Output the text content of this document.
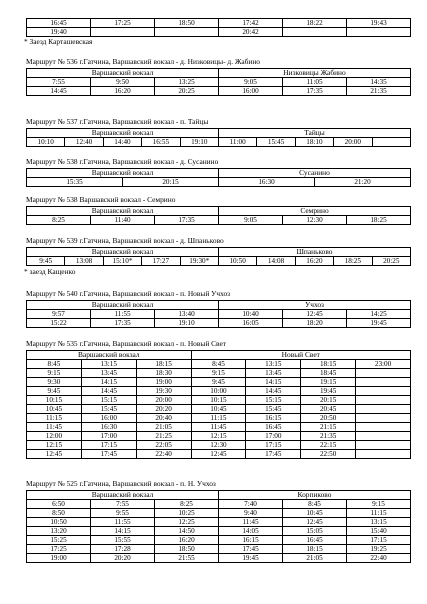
16:45	17:25	18:50	17:42	18:22	19:43
19:40			20:42		
* Заезд Карташевская
Маршрут № 536 г.Гатчина, Варшавский вокзал - д. Низковицы- д. Жабино
Варшавский вокзал			Низковицы Жабино		
7:55	9:50	13:25	9:05	11:05	14:35
14:45	16:20	20:25	16:00	17:35	21:35
Маршрут № 537 г.Гатчина, Варшавский вокзал - п. Тайцы
Варшавский вокзал					Тайцы				
10:10	12:40	14:40	16:55	19:10	11:00	15:45	18:10	20:00	
Маршрут № 538 г.Гатчина, Варшавский вокзал - д. Сусанино
Варшавский вокзал		Сусанино	
15:35	20:15	16:30	21:20
Маршрут № 538 Варшавский вокзал - Семрино
Варшавский вокзал			Семрино		
8:25	11:40	17:35	9:05	12:30	18:25
Маршрут № 539 г.Гатчина, Варшавский вокзал - д. Шпаньково
Варшавский вокзал					Шпаньково				
9:45	13:08	15:10*	17:27	19:30*	10:50	14:08	16:20	18:25	20:25
* заезд Кащенко
Маршрут № 540 г.Гатчина, Варшавский вокзал - п. Новый Учхоз
Варшавский вокзал			Учхоз		
9:57	11:55	13:40	10:40	12:45	14:25
15:22	17:35	19:10	16:05	18:20	19:45
Маршрут № 535 г.Гатчина, Варшавский вокзал - п. Новый Свет
Варшавский вокзал			Новый Свет			
8:45	13:15	18:15	8:45	13:15	18:15	23:00
9:15	13:45	18:30	9:15	13:45	18:45	
9:30	14:15	19:00	9:45	14:15	19:15	
9:45	14:45	19:30	10:00	14:45	19:45	
10:15	15:15	20:00	10:15	15:15	20:15	
10:45	15:45	20:20	10:45	15:45	20:45	
11:15	16:00	20:40	11:15	16:15	20:50	
11:45	16:30	21:05	11:45	16:45	21:15	
12:00	17:00	21:25	12:15	17:00	21:35	
12:15	17:15	22:05	12:30	17:15	22:15	
12:45	17:45	22:40	12:45	17:45	22:50	
Маршрут № 525 г.Гатчина, Варшавский вокзал - п. Н. Учхоз
Варшавский вокзал			Корпиково		
6:50	7:55	8:25	7:40	8:45	9:15
8:50	9:55	10:25	9:40	10:45	11:15
10:50	11:55	12:25	11:45	12:45	13:15
13:20	14:15	14:50	14:05	15:05	15:40
15:25	15:55	16:20	16:15	16:45	17:15
17:25	17:28	18:50	17:45	18:15	19:25
19:00	20:20	21:55	19:45	21:05	22:40
